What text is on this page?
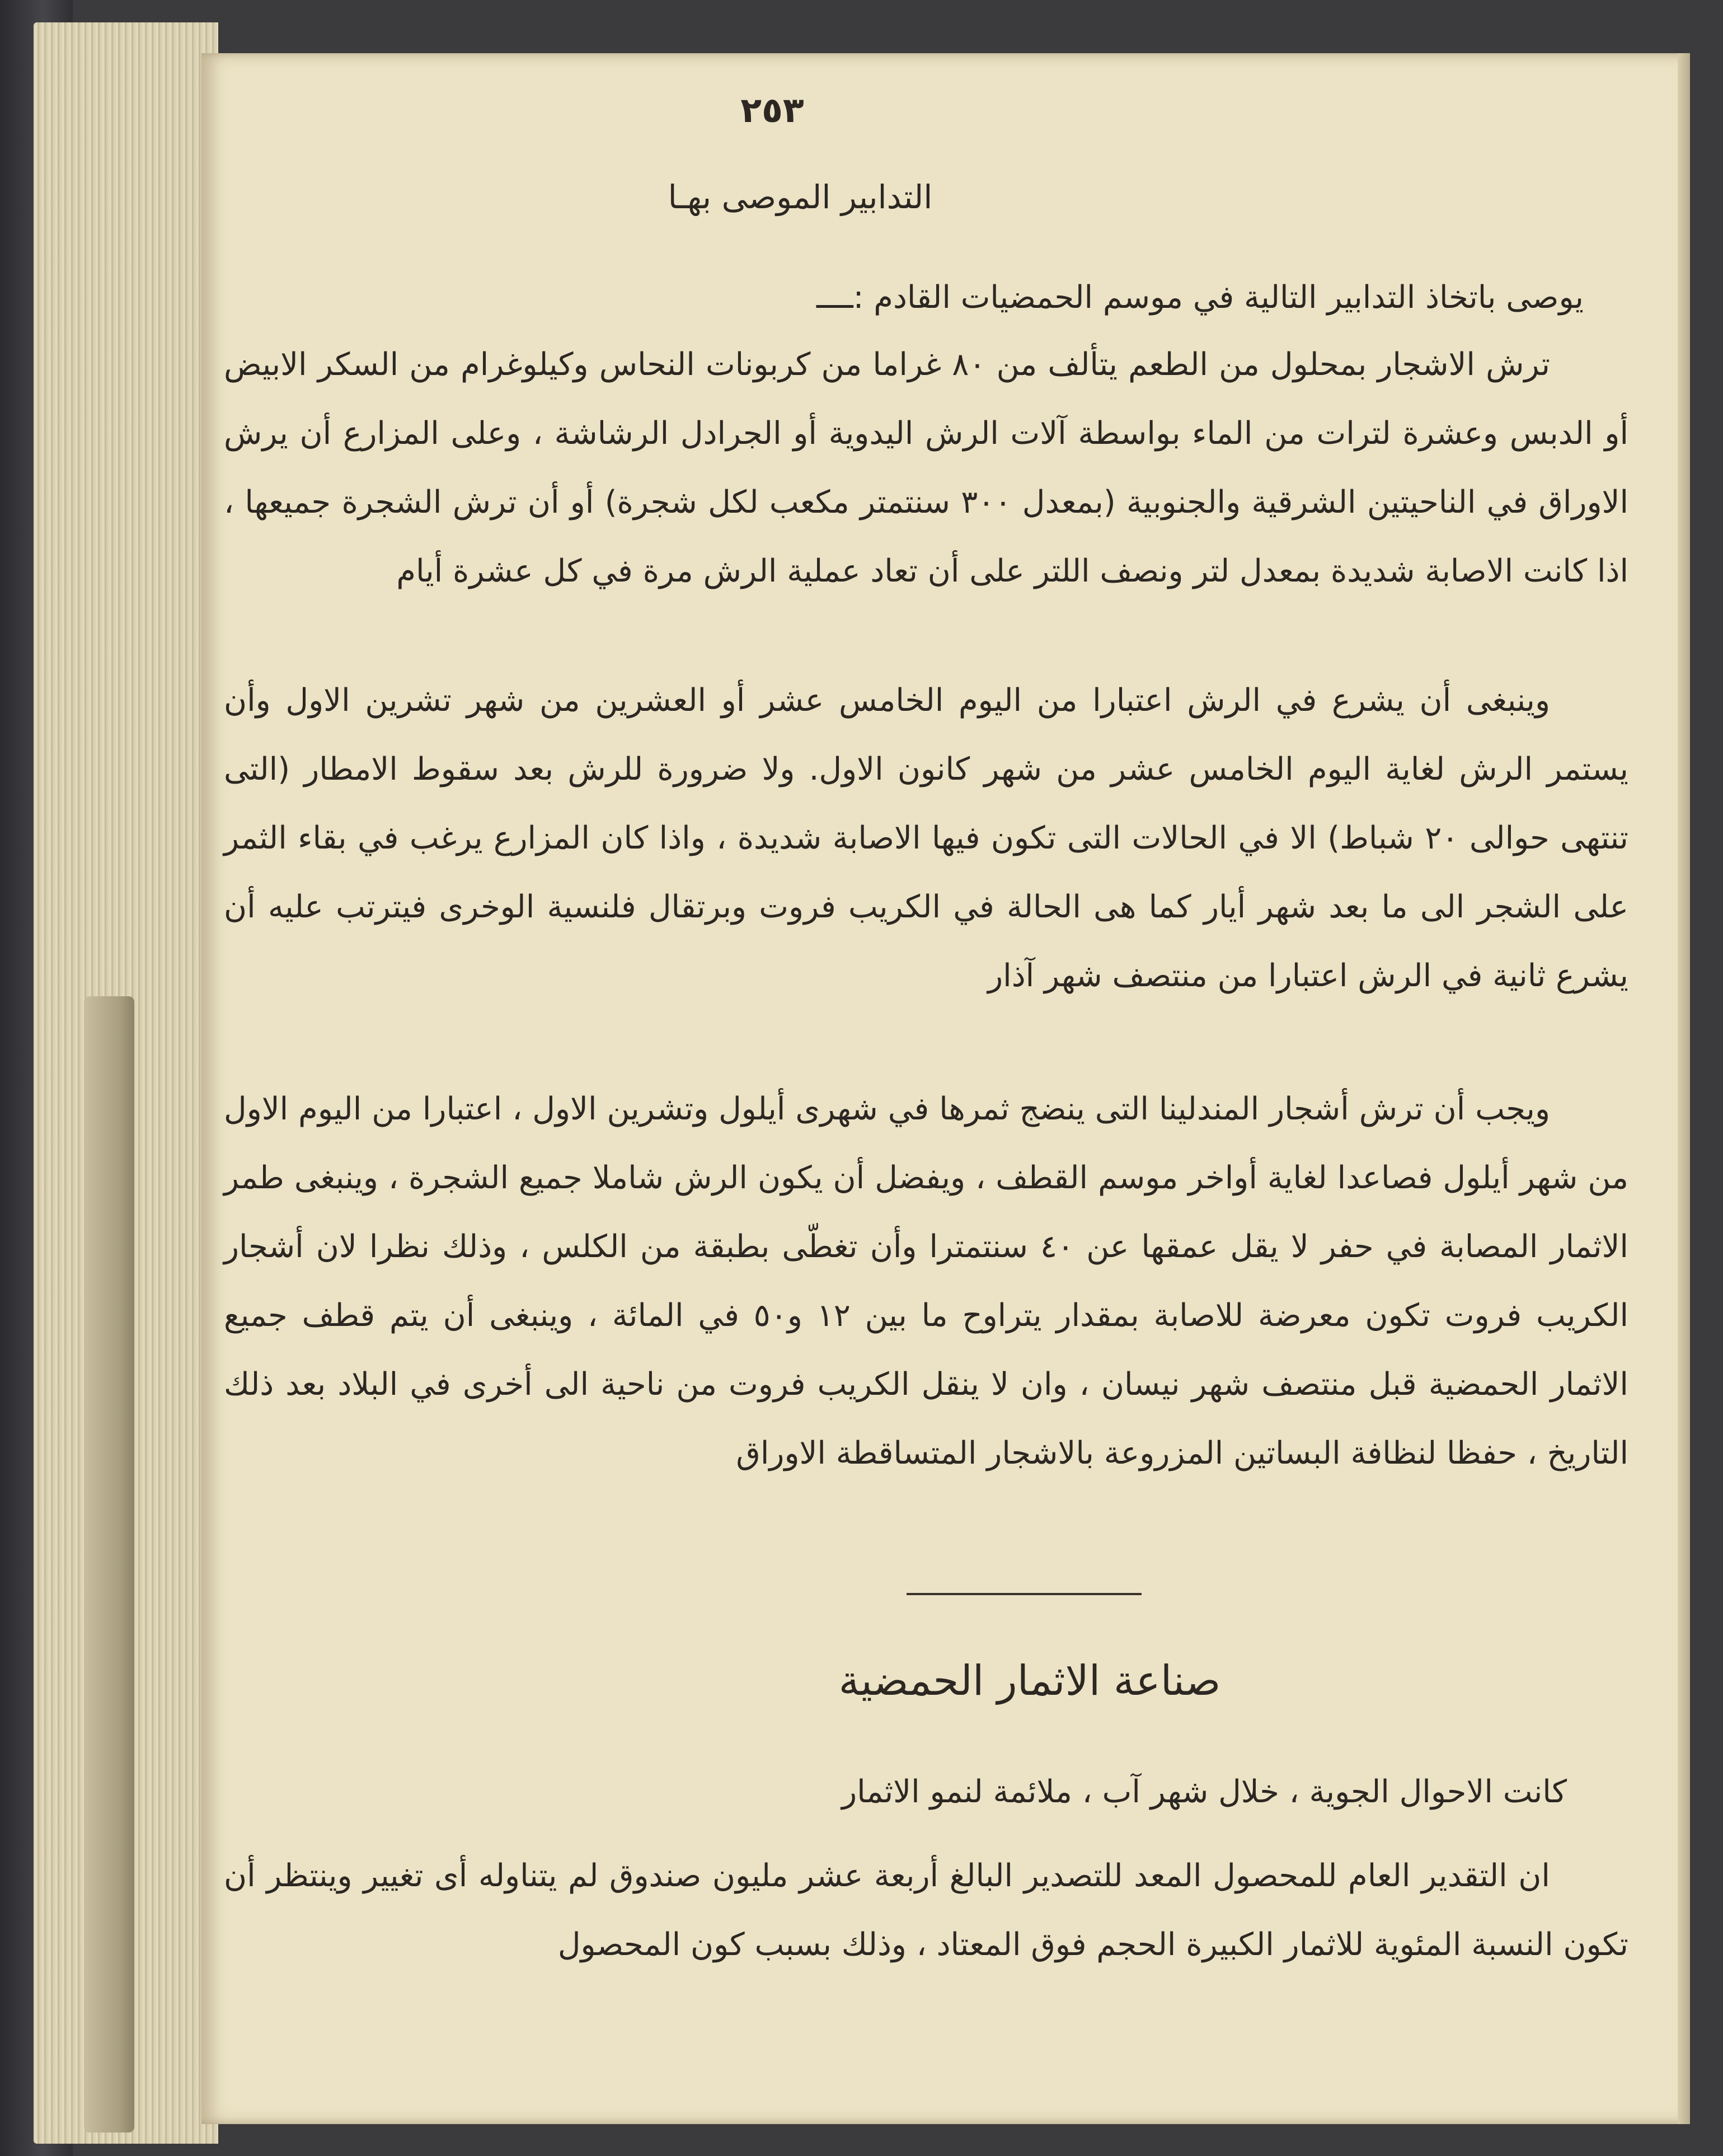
٢٥٣
التدابير الموصى بهـا
يوصى باتخاذ التدابير التالية في موسم الحمضيات القادم :ــــ
ترش الاشجار بمحلول من الطعم يتألف من ٨٠ غراما من كربونات النحاس وكيلوغرام من السكر الابيض أو الدبس وعشرة لترات من الماء بواسطة آلات الرش اليدوية أو الجرادل الرشاشة ، وعلى المزارع أن يرش الاوراق في الناحيتين الشرقية والجنوبية (بمعدل ٣٠٠ سنتمتر مكعب لكل شجرة) أو أن ترش الشجرة جميعها ، اذا كانت الاصابة شديدة بمعدل لتر ونصف اللتر على أن تعاد عملية الرش مرة في كل عشرة أيام
وينبغى أن يشرع في الرش اعتبارا من اليوم الخامس عشر أو العشرين من شهر تشرين الاول وأن يستمر الرش لغاية اليوم الخامس عشر من شهر كانون الاول. ولا ضرورة للرش بعد سقوط الامطار (التى تنتهى حوالى ٢٠ شباط) الا في الحالات التى تكون فيها الاصابة شديدة ، واذا كان المزارع يرغب في بقاء الثمر على الشجر الى ما بعد شهر أيار كما هى الحالة في الكريب فروت وبرتقال فلنسية الوخرى فيترتب عليه أن يشرع ثانية في الرش اعتبارا من منتصف شهر آذار
ويجب أن ترش أشجار المندلينا التى ينضج ثمرها في شهرى أيلول وتشرين الاول ، اعتبارا من اليوم الاول من شهر أيلول فصاعدا لغاية أواخر موسم القطف ، ويفضل أن يكون الرش شاملا جميع الشجرة ، وينبغى طمر الاثمار المصابة في حفر لا يقل عمقها عن ٤٠ سنتمترا وأن تغطّى بطبقة من الكلس ، وذلك نظرا لان أشجار الكريب فروت تكون معرضة للاصابة بمقدار يتراوح ما بين ١٢ و٥٠ في المائة ، وينبغى أن يتم قطف جميع الاثمار الحمضية قبل منتصف شهر نيسان ، وان لا ينقل الكريب فروت من ناحية الى أخرى في البلاد بعد ذلك التاريخ ، حفظا لنظافة البساتين المزروعة بالاشجار المتساقطة الاوراق
صناعة الاثمار الحمضية
كانت الاحوال الجوية ، خلال شهر آب ، ملائمة لنمو الاثمار
ان التقدير العام للمحصول المعد للتصدير البالغ أربعة عشر مليون صندوق لم يتناوله أى تغيير وينتظر أن تكون النسبة المئوية للاثمار الكبيرة الحجم فوق المعتاد ، وذلك بسبب كون المحصول
